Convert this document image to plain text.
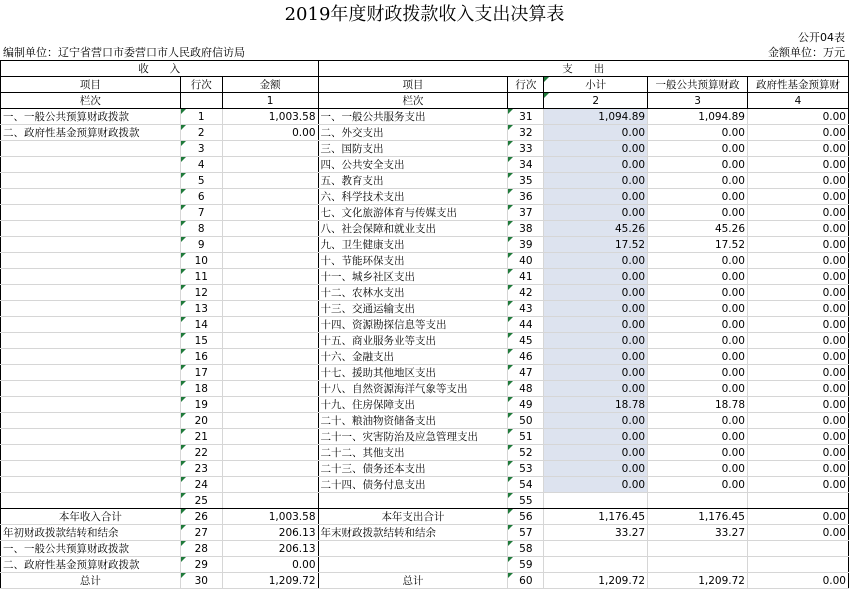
2019年度财政拨款收入支出决算表
公开04表
编制单位：辽宁省营口市委营口市人民政府信访局	金额单位：万元
收　　入			支　　出				
项目	行次	金额	项目	行次	小计	一般公共预算财政	政府性基金预算财
栏次		1	栏次		2	3	4
一、一般公共预算财政拨款	1	1,003.58	一、一般公共服务支出	31	1,094.89	1,094.89	0.00
二、政府性基金预算财政拨款	2	0.00	二、外交支出	32	0.00	0.00	0.00
	3		三、国防支出	33	0.00	0.00	0.00
	4		四、公共安全支出	34	0.00	0.00	0.00
	5		五、教育支出	35	0.00	0.00	0.00
	6		六、科学技术支出	36	0.00	0.00	0.00
	7		七、文化旅游体育与传媒支出	37	0.00	0.00	0.00
	8		八、社会保障和就业支出	38	45.26	45.26	0.00
	9		九、卫生健康支出	39	17.52	17.52	0.00
	10		十、节能环保支出	40	0.00	0.00	0.00
	11		十一、城乡社区支出	41	0.00	0.00	0.00
	12		十二、农林水支出	42	0.00	0.00	0.00
	13		十三、交通运输支出	43	0.00	0.00	0.00
	14		十四、资源勘探信息等支出	44	0.00	0.00	0.00
	15		十五、商业服务业等支出	45	0.00	0.00	0.00
	16		十六、金融支出	46	0.00	0.00	0.00
	17		十七、援助其他地区支出	47	0.00	0.00	0.00
	18		十八、自然资源海洋气象等支出	48	0.00	0.00	0.00
	19		十九、住房保障支出	49	18.78	18.78	0.00
	20		二十、粮油物资储备支出	50	0.00	0.00	0.00
	21		二十一、灾害防治及应急管理支出	51	0.00	0.00	0.00
	22		二十二、其他支出	52	0.00	0.00	0.00
	23		二十三、债务还本支出	53	0.00	0.00	0.00
	24		二十四、债务付息支出	54	0.00	0.00	0.00
	25			55			
本年收入合计	26	1,003.58	本年支出合计	56	1,176.45	1,176.45	0.00
年初财政拨款结转和结余	27	206.13	年末财政拨款结转和结余	57	33.27	33.27	0.00
一、一般公共预算财政拨款	28	206.13		58			
二、政府性基金预算财政拨款	29	0.00		59			
总计	30	1,209.72	总计	60	1,209.72	1,209.72	0.00
